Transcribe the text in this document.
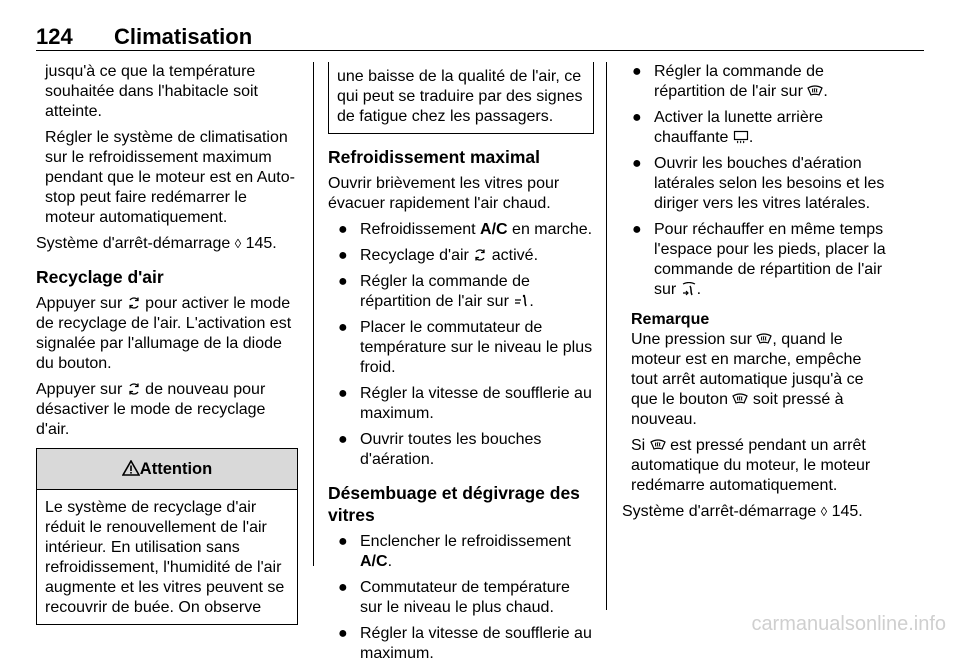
124 Climatisation

jusqu'à ce que la température souhaitée dans l'habitacle soit atteinte.

Régler le système de climatisation sur le refroidissement maximum pendant que le moteur est en Auto-stop peut faire redémarrer le moteur automatiquement.

Système d'arrêt-démarrage ◊ 145.

Recyclage d'air

Appuyer sur  pour activer le mode de recyclage de l'air. L'activation est signalée par l'allumage de la diode du bouton.

Appuyer sur  de nouveau pour désactiver le mode de recyclage d'air.

Attention
Le système de recyclage d'air réduit le renouvellement de l'air intérieur. En utilisation sans refroidissement, l'humidité de l'air augmente et les vitres peuvent se recouvrir de buée. On observe
une baisse de la qualité de l'air, ce qui peut se traduire par des signes de fatigue chez les passagers.
Refroidissement maximal

Ouvrir brièvement les vitres pour évacuer rapidement l'air chaud.

● Refroidissement A/C en marche.
● Recyclage d'air  activé.
● Régler la commande de répartition de l'air sur .
● Placer le commutateur de température sur le niveau le plus froid.
● Régler la vitesse de soufflerie au maximum.
● Ouvrir toutes les bouches d'aération.
Désembuage et dégivrage des vitres
● Enclencher le refroidissement A/C.
● Commutateur de température sur le niveau le plus chaud.
● Régler la vitesse de soufflerie au maximum.
● Régler la commande de répartition de l'air sur .
● Activer la lunette arrière chauffante .
● Ouvrir les bouches d'aération latérales selon les besoins et les diriger vers les vitres latérales.
● Pour réchauffer en même temps l'espace pour les pieds, placer la commande de répartition de l'air sur .

Remarque

Une pression sur , quand le moteur est en marche, empêche tout arrêt automatique jusqu'à ce que le bouton  soit pressé à nouveau.

Si  est pressé pendant un arrêt automatique du moteur, le moteur redémarre automatiquement.

Système d'arrêt-démarrage ◊ 145.

carmanualsonline.info
